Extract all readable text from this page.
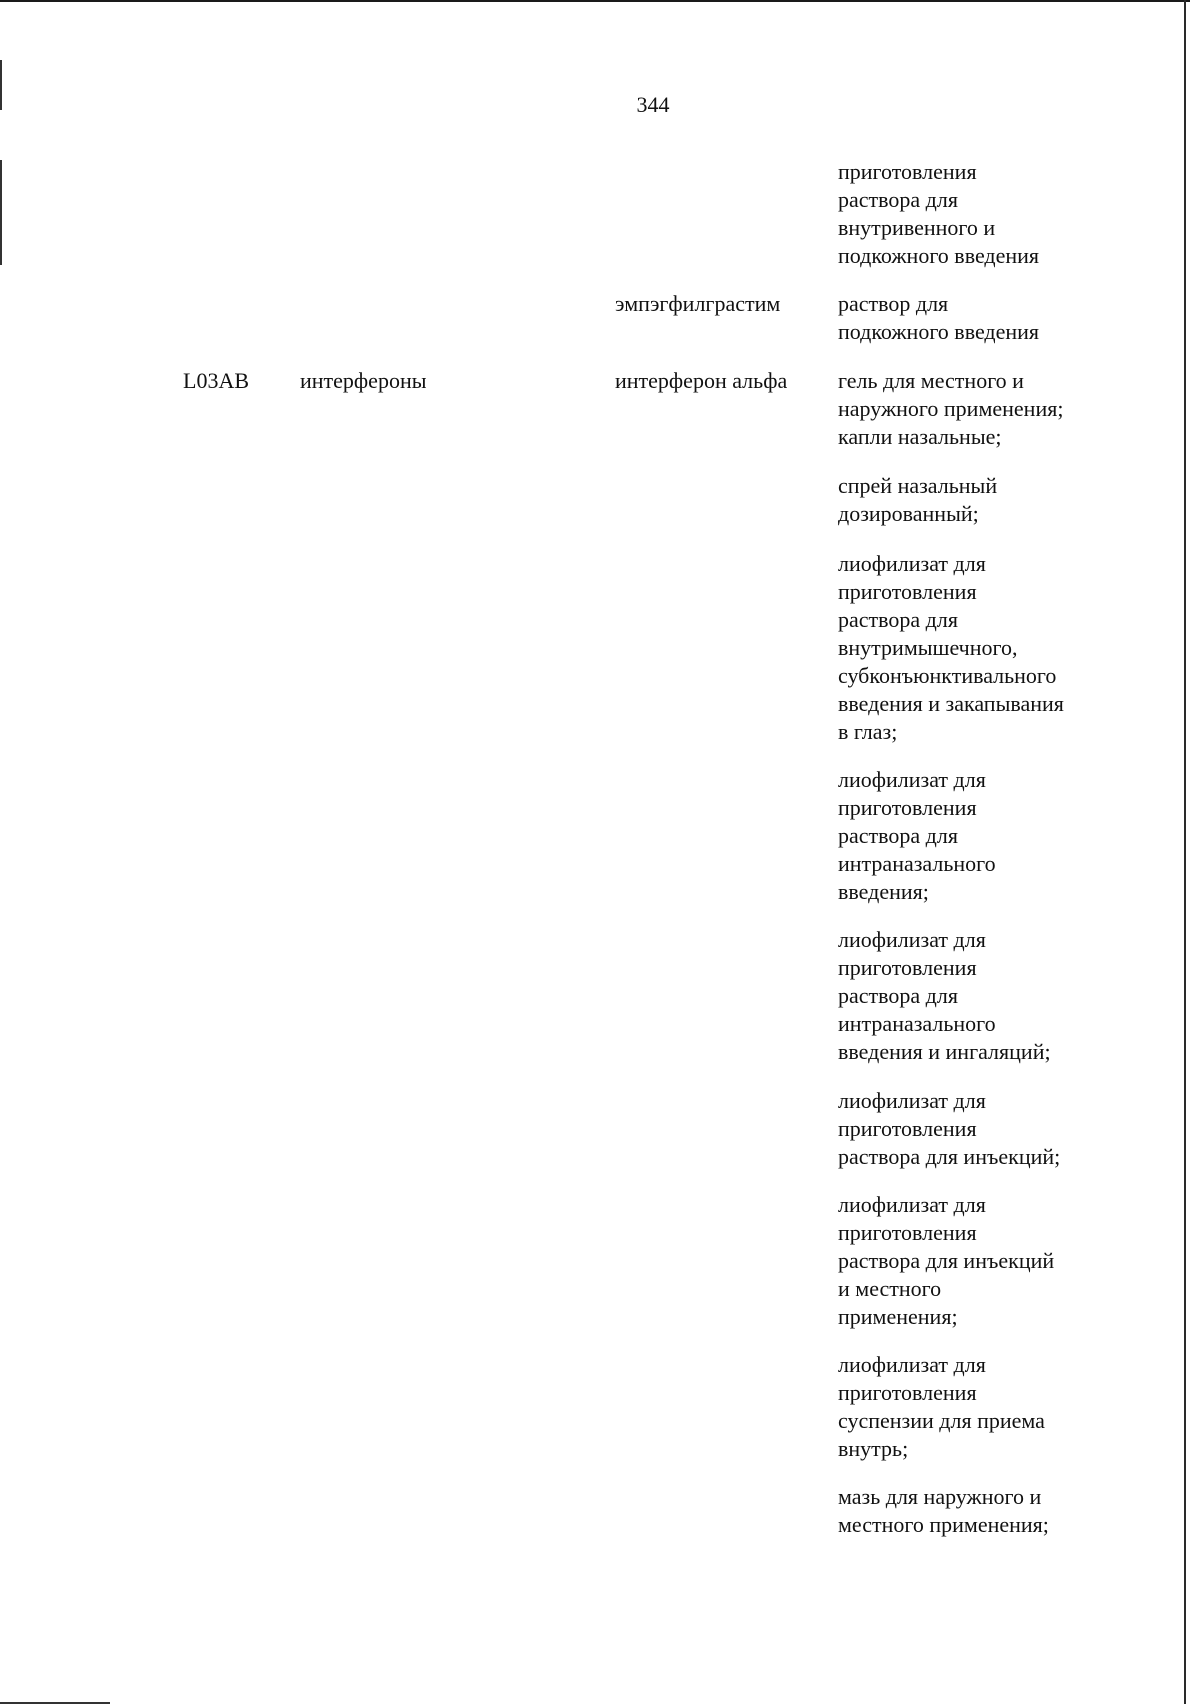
344
приготовления
раствора для
внутривенного и
подкожного введения
эмпэгфилграстим	раствор для
подкожного введения
L03AB интерфероны	интерферон альфа гель для местного и
наружного применения;
капли назальные;
спрей назальный
дозированный;
лиофилизат для
приготовления
раствора для
внутримышечного,
субконъюнктивального
введения и закапывания
в глаз;
лиофилизат для
приготовления
раствора для
интраназального
введения;
лиофилизат для
приготовления
раствора для
интраназального
введения и ингаляций;
лиофилизат для
приготовления
раствора для инъекций;
лиофилизат для
приготовления
раствора для инъекций
и местного
применения;
лиофилизат для
приготовления
суспензии для приема
внутрь;
мазь для наружного и
местного применения;
